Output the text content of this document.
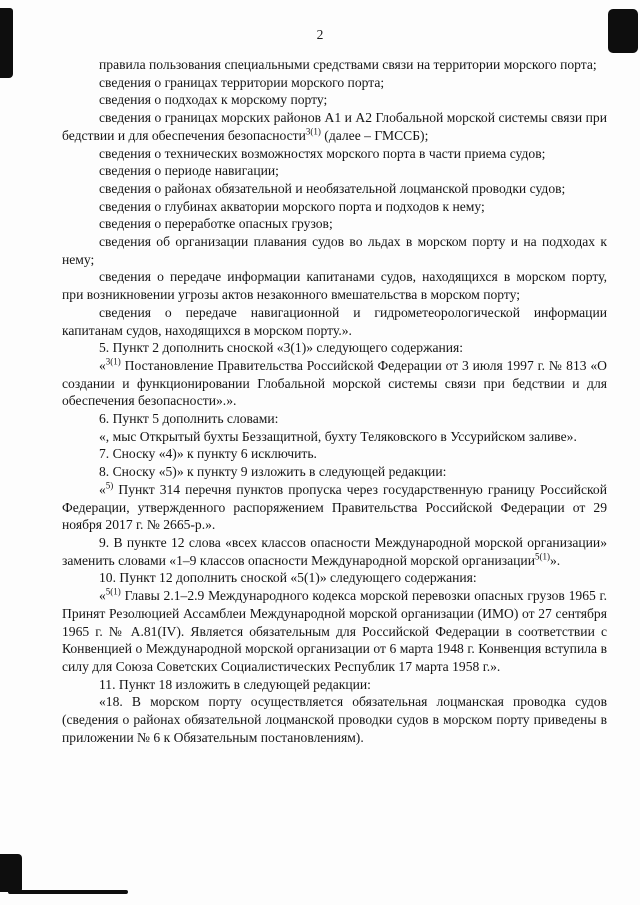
2

правила пользования специальными средствами связи на территории морского порта;

сведения о границах территории морского порта;

сведения о подходах к морскому порту;

сведения о границах морских районов А1 и А2 Глобальной морской системы связи при бедствии и для обеспечения безопасности$^{3(1)}$ (далее – ГМССБ);

сведения о технических возможностях морского порта в части приема судов;

сведения о периоде навигации;

сведения о районах обязательной и необязательной лоцманской проводки судов;

сведения о глубинах акватории морского порта и подходов к нему;

сведения о переработке опасных грузов;

сведения об организации плавания судов во льдах в морском порту и на подходах к нему;

сведения о передаче информации капитанами судов, находящихся в морском порту, при возникновении угрозы актов незаконного вмешательства в морском порту;

сведения о передаче навигационной и гидрометеорологической информации капитанам судов, находящихся в морском порту.».

5. Пункт 2 дополнить сноской «3(1)» следующего содержания:

«$^{3(1)}$ Постановление Правительства Российской Федерации от 3 июля 1997 г. № 813 «О создании и функционировании Глобальной морской системы связи при бедствии и для обеспечения безопасности».».

6. Пункт 5 дополнить словами:

«, мыс Открытый бухты Беззащитной, бухту Теляковского в Уссурийском заливе».

7. Сноску «4)» к пункту 6 исключить.

8. Сноску «5)» к пункту 9 изложить в следующей редакции:

«$^{5)}$ Пункт 314 перечня пунктов пропуска через государственную границу Российской Федерации, утвержденного распоряжением Правительства Российской Федерации от 29 ноября 2017 г. № 2665-р.».

9. В пункте 12 слова «всех классов опасности Международной морской организации» заменить словами «1–9 классов опасности Международной морской организации$^{5(1)}$».

10. Пункт 12 дополнить сноской «5(1)» следующего содержания:

«$^{5(1)}$ Главы 2.1–2.9 Международного кодекса морской перевозки опасных грузов 1965 г. Принят Резолюцией Ассамблеи Международной морской организации (ИМО) от 27 сентября 1965 г. № А.81(IV). Является обязательным для Российской Федерации в соответствии с Конвенцией о Международной морской организации от 6 марта 1948 г. Конвенция вступила в силу для Союза Советских Социалистических Республик 17 марта 1958 г.».

11. Пункт 18 изложить в следующей редакции:

«18. В морском порту осуществляется обязательная лоцманская проводка судов (сведения о районах обязательной лоцманской проводки судов в морском порту приведены в приложении № 6 к Обязательным постановлениям).
